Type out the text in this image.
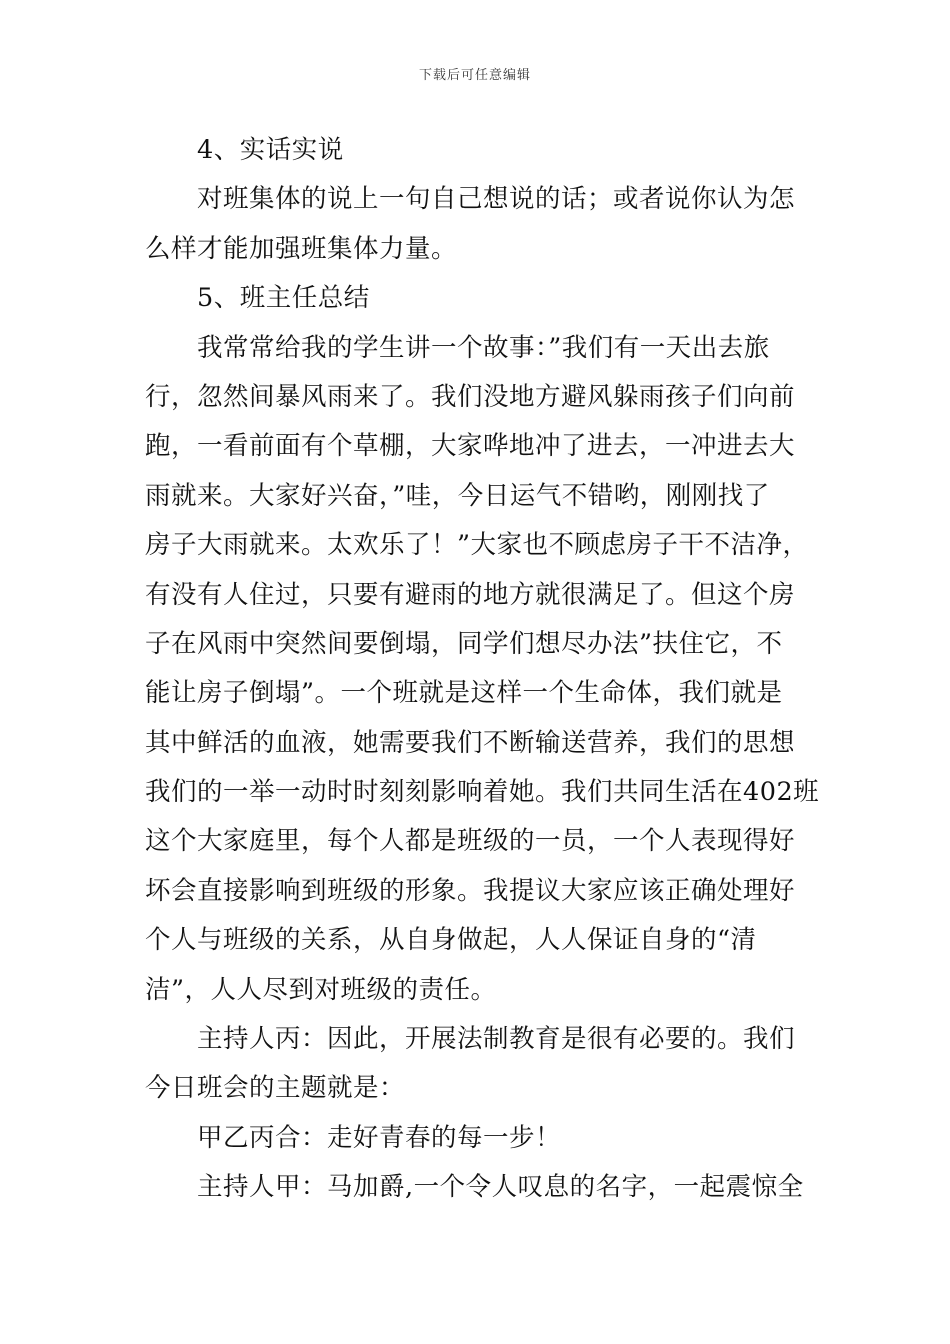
下载后可任意编辑
4、实话实说
对班集体的说上一句自己想说的话；或者说你认为怎
么样才能加强班集体力量。
5、班主任总结
我常常给我的学生讲一个故事：”我们有一天出去旅
行，忽然间暴风雨来了。我们没地方避风躲雨孩子们向前
跑，一看前面有个草棚，大家哗地冲了进去，一冲进去大
雨就来。大家好兴奋，”哇，今日运气不错哟，刚刚找了
房子大雨就来。太欢乐了！”大家也不顾虑房子干不洁净，
有没有人住过，只要有避雨的地方就很满足了。但这个房
子在风雨中突然间要倒塌，同学们想尽办法”扶住它，不
能让房子倒塌”。一个班就是这样一个生命体，我们就是
其中鲜活的血液，她需要我们不断输送营养，我们的思想
我们的一举一动时时刻刻影响着她。我们共同生活在402班
这个大家庭里，每个人都是班级的一员，一个人表现得好
坏会直接影响到班级的形象。我提议大家应该正确处理好
个人与班级的关系，从自身做起，人人保证自身的“清
洁”，人人尽到对班级的责任。
主持人丙：因此，开展法制教育是很有必要的。我们
今日班会的主题就是：
甲乙丙合：走好青春的每一步！
主持人甲：马加爵,一个令人叹息的名字，一起震惊全
